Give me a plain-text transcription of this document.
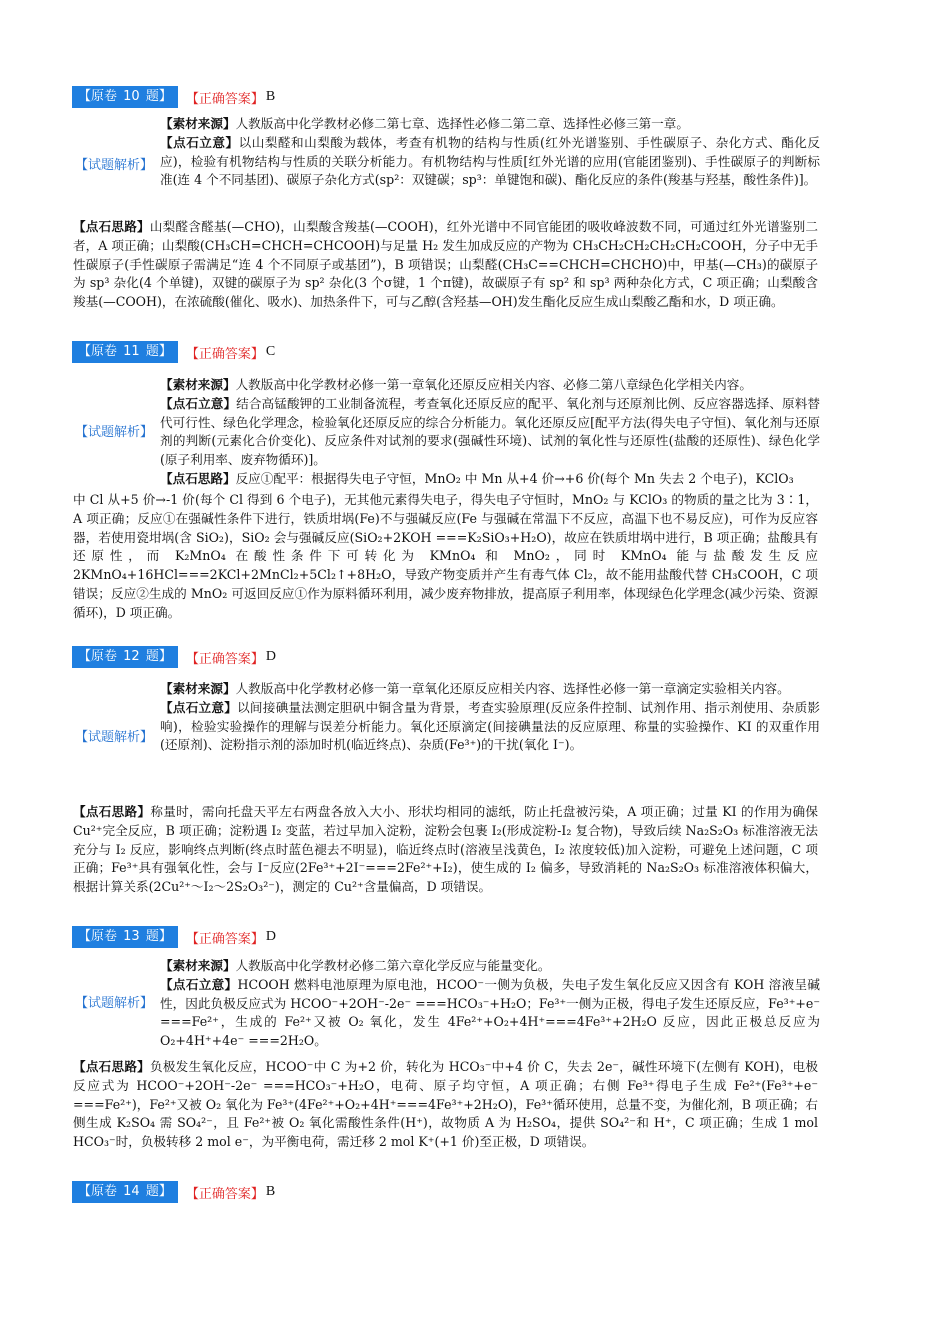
【原卷 10 题】	【正确答案】 B
【试题解析】

【素材来源】人教版高中化学教材必修二第七章、选择性必修二第二章、选择性必修三第一章。

【点石立意】以山梨醛和山梨酸为载体，考查有机物的结构与性质(红外光谱鉴别、手性碳原子、杂化方式、酯化反应)，检验有机物结构与性质的关联分析能力。有机物结构与性质[红外光谱的应用(官能团鉴别)、手性碳原子的判断标准(连 4 个不同基团)、碳原子杂化方式(sp²：双键碳；sp³：单键饱和碳)、酯化反应的条件(羧基与羟基，酸性条件)]。

【点石思路】山梨醛含醛基(—CHO)，山梨酸含羧基(—COOH)，红外光谱中不同官能团的吸收峰波数不同，可通过红外光谱鉴别二者，A 项正确；山梨酸(CH₃CH=CHCH=CHCOOH)与足量 H₂ 发生加成反应的产物为 CH₃CH₂CH₂CH₂CH₂COOH，分子中无手性碳原子(手性碳原子需满足“连 4 个不同原子或基团”)，B 项错误；山梨醛(CH₃C==CHCH=CHCHO)中，甲基(—CH₃)的碳原子为 sp³ 杂化(4 个单键)，双键的碳原子为 sp² 杂化(3 个σ键，1 个π键)，故碳原子有 sp² 和 sp³ 两种杂化方式，C 项正确；山梨酸含羧基(—COOH)，在浓硫酸(催化、吸水)、加热条件下，可与乙醇(含羟基—OH)发生酯化反应生成山梨酸乙酯和水，D 项正确。

【原卷 11 题】	【正确答案】 C
【试题解析】

【素材来源】人教版高中化学教材必修一第一章氧化还原反应相关内容、必修二第八章绿色化学相关内容。

【点石立意】结合高锰酸钾的工业制备流程，考查氧化还原反应的配平、氧化剂与还原剂比例、反应容器选择、原料替代可行性、绿色化学理念，检验氧化还原反应的综合分析能力。氧化还原反应[配平方法(得失电子守恒)、氧化剂与还原剂的判断(元素化合价变化)、反应条件对试剂的要求(强碱性环境)、试剂的氧化性与还原性(盐酸的还原性)、绿色化学(原子利用率、废弃物循环)]。

【点石思路】反应①配平：根据得失电子守恒，MnO₂ 中 Mn 从+4 价→+6 价(每个 Mn 失去 2 个电子)，KClO₃

中 Cl 从+5 价→-1 价(每个 Cl 得到 6 个电子)，无其他元素得失电子，得失电子守恒时，MnO₂ 与 KClO₃ 的物质的量之比为 3∶1，A 项正确；反应①在强碱性条件下进行，铁质坩埚(Fe)不与强碱反应(Fe 与强碱在常温下不反应，高温下也不易反应)，可作为反应容器，若使用瓷坩埚(含 SiO₂)，SiO₂ 会与强碱反应(SiO₂+2KOH ===K₂SiO₃+H₂O)，故应在铁质坩埚中进行，B 项正确；盐酸具有还原性，而 K₂MnO₄ 在酸性条件下可转化为 KMnO₄ 和 MnO₂，同时 KMnO₄ 能与盐酸发生反应 2KMnO₄+16HCl===2KCl+2MnCl₂+5Cl₂↑+8H₂O，导致产物变质并产生有毒气体 Cl₂，故不能用盐酸代替 CH₃COOH，C 项错误；反应②生成的 MnO₂ 可返回反应①作为原料循环利用，减少废弃物排放，提高原子利用率，体现绿色化学理念(减少污染、资源循环)，D 项正确。

【原卷 12 题】	【正确答案】 D
【试题解析】

【素材来源】人教版高中化学教材必修一第一章氧化还原反应相关内容、选择性必修一第一章滴定实验相关内容。

【点石立意】以间接碘量法测定胆矾中铜含量为背景，考查实验原理(反应条件控制、试剂作用、指示剂使用、杂质影响)，检验实验操作的理解与误差分析能力。氧化还原滴定(间接碘量法的反应原理、称量的实验操作、KI 的双重作用(还原剂)、淀粉指示剂的添加时机(临近终点)、杂质(Fe³⁺)的干扰(氧化 I⁻)。

【点石思路】称量时，需向托盘天平左右两盘各放入大小、形状均相同的滤纸，防止托盘被污染，A 项正确；过量 KI 的作用为确保 Cu²⁺完全反应，B 项正确；淀粉遇 I₂ 变蓝，若过早加入淀粉，淀粉会包裹 I₂(形成淀粉-I₂ 复合物)，导致后续 Na₂S₂O₃ 标准溶液无法充分与 I₂ 反应，影响终点判断(终点时蓝色褪去不明显)，临近终点时(溶液呈浅黄色，I₂ 浓度较低)加入淀粉，可避免上述问题，C 项正确；Fe³⁺具有强氧化性，会与 I⁻反应(2Fe³⁺+2I⁻===2Fe²⁺+I₂)，使生成的 I₂ 偏多，导致消耗的 Na₂S₂O₃ 标准溶液体积偏大，根据计算关系(2Cu²⁺～I₂～2S₂O₃²⁻)，测定的 Cu²⁺含量偏高，D 项错误。

【原卷 13 题】	【正确答案】 D
【试题解析】

【素材来源】人教版高中化学教材必修二第六章化学反应与能量变化。

【点石立意】HCOOH 燃料电池原理为原电池，HCOO⁻一侧为负极，失电子发生氧化反应又因含有 KOH 溶液呈碱性，因此负极反应式为 HCOO⁻+2OH⁻-2e⁻ ===HCO₃⁻+H₂O；Fe³⁺一侧为正极，得电子发生还原反应，Fe³⁺+e⁻ ===Fe²⁺，生成的 Fe²⁺又被 O₂ 氧化，发生 4Fe²⁺+O₂+4H⁺===4Fe³⁺+2H₂O 反应，因此正极总反应为 O₂+4H⁺+4e⁻ ===2H₂O。

【点石思路】负极发生氧化反应，HCOO⁻中 C 为+2 价，转化为 HCO₃⁻中+4 价 C，失去 2e⁻，碱性环境下(左侧有 KOH)，电极反应式为 HCOO⁻+2OH⁻-2e⁻ ===HCO₃⁻+H₂O，电荷、原子均守恒，A 项正确；右侧 Fe³⁺得电子生成 Fe²⁺(Fe³⁺+e⁻ ===Fe²⁺)，Fe²⁺又被 O₂ 氧化为 Fe³⁺(4Fe²⁺+O₂+4H⁺===4Fe³⁺+2H₂O)，Fe³⁺循环使用，总量不变，为催化剂，B 项正确；右侧生成 K₂SO₄ 需 SO₄²⁻，且 Fe²⁺被 O₂ 氧化需酸性条件(H⁺)，故物质 A 为 H₂SO₄，提供 SO₄²⁻和 H⁺，C 项正确；生成 1 mol HCO₃⁻时，负极转移 2 mol e⁻，为平衡电荷，需迁移 2 mol K⁺(+1 价)至正极，D 项错误。

【原卷 14 题】	【正确答案】 B
